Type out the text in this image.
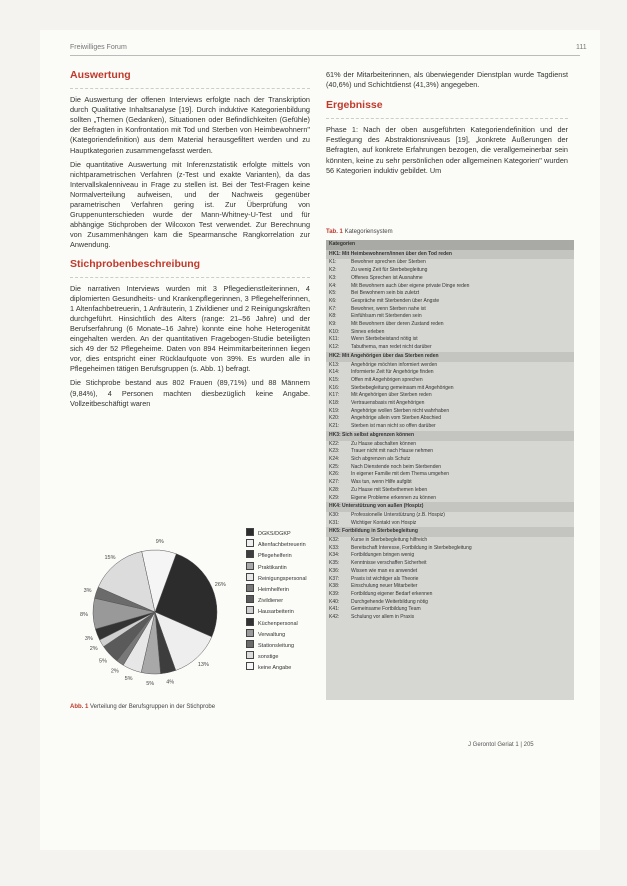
Freiwilliges Forum	111
Auswertung

Die Auswertung der offenen Interviews erfolgte nach der Transkription durch Qualitative Inhaltsanalyse [19]. Durch induktive Kategorienbildung sollten „Themen (Gedanken), Situationen oder Befindlichkeiten (Gefühle) der Befragten in Konfrontation mit Tod und Sterben von Heimbewohnern" (Kategoriendefinition) aus dem Material herausgefiltert werden und zu Hauptkategorien zusammengefasst werden.

Die quantitative Auswertung mit Inferenzstatistik erfolgte mittels von nichtparametrischen Verfahren (z-Test und exakte Varianten), da das Intervallskalenniveau in Frage zu stellen ist. Bei der Test-Fragen keine Normalverteilung aufweisen, und der Nachweis gegenüber parametrischen Verfahren gering ist. Zur Überprüfung von Gruppenunterschieden wurde der Mann-Whitney-U-Test und für abhängige Stichproben der Wilcoxon Test verwendet. Zur Berechnung von Zusammenhängen kam die Spearmansche Rangkorrelation zur Anwendung.

Stichprobenbeschreibung

Die narrativen Interviews wurden mit 3 Pflegedienstleiterinnen, 4 diplomierten Gesundheits- und Krankenpflegerinnen, 3 Pflegehelferinnen, 1 Altenfachbetreuerin, 1 Anfräuterin, 1 Zivildiener und 2 Reinigungskräften durchgeführt. Hinsichtlich des Alters (range: 21–56 Jahre) und der Berufserfahrung (6 Monate–16 Jahre) konnte eine hohe Heterogenität eingehalten werden. An der quantitativen Fragebogen-Studie beteiligten sich 49 der 52 Pflegeheime. Daten von 894 Heimmitarbeiterinnen liegen vor, dies entspricht einer Rücklaufquote von 39%. Es wurden alle in Pflegeheimen tätigen Berufsgruppen (s. Abb. 1) befragt.

Die Stichprobe bestand aus 802 Frauen (89,71%) und 88 Männern (9,84%), 4 Personen machten diesbezüglich keine Angabe. Vollzeitbeschäftigt waren

61% der Mitarbeiterinnen, als überwiegender Dienstplan wurde Tagdienst (40,6%) und Schichtdienst (41,3%) angegeben.

Ergebnisse

Phase 1: Nach der oben ausgeführten Kategoriendefinition und der Festlegung des Abstraktionsniveaus [19], „konkrete Äußerungen der Befragten, auf konkrete Erfahrungen bezogen, die verallgemeinerbar sein könnten, keine zu sehr persönlichen oder allgemeinen Kategorien" wurden 56 Kategorien induktiv gebildet. Um

Tab. 1 Kategoriensystem
Kategorien
HK1: Mit Heimbewohnern/innen über den Tod reden
K1:	Bewohner sprechen über Sterben
K2:	Zu wenig Zeit für Sterbebegleitung
K3:	Offenes Sprechen ist Ausnahme
K4:	Mit Bewohnern auch über eigene private Dinge reden
K5:	Bei Bewohnern sein bis zuletzt
K6:	Gespräche mit Sterbenden über Ängste
K7:	Bewohner, wenn Sterben nahe ist
K8:	Einfühlsam mit Sterbenden sein
K9:	Mit Bewohnern über deren Zustand reden
K10: Sinnes erleben
K11: Wenn Sterbebeistand nötig ist
K12: Tabuthema, man redet nicht darüber
HK2: Mit Angehörigen über das Sterben reden
K13: Angehörige möchten informiert werden
K14: Informierte Zeit für Angehörige finden
K15: Offen mit Angehörigen sprechen
K16: Sterbebegleitung gemeinsam mit Angehörigen
K17: Mit Angehörigen über Sterben reden
K18: Vertrauensbasis mit Angehörigen
K19: Angehörige wollen Sterben nicht wahrhaben
K20: Angehörige allein vom Sterben Abschied
K21: Sterben ist man nicht so offen darüber
HK3: Sich selbst abgrenzen können
K22: Zu Hause abschalten können
K23: Trauer nicht mit nach Hause nehmen
K24: Sich abgrenzen als Schutz
K25: Nach Dienstende noch beim Sterbenden
K26: In eigener Familie mit dem Thema umgehen
K27: Was tun, wenn Hilfe aufgibt
K28: Zu Hause mit Sterbethemen leben
K29: Eigene Probleme erkennen zu können
HK4: Unterstützung von außen (Hospiz)
K30: Professionelle Unterstützung (z.B. Hospiz)
K31: Wichtiger Kontakt von Hospiz
HK5: Fortbildung in Sterbebegleitung
K32: Kurse in Sterbebegleitung hilfreich
K33: Bereitschaft Interesse, Fortbildung in Sterbebegleitung
K34: Fortbildungen bringen wenig
K35: Kenntnisse verschaffen Sicherheit
K36: Wissen wie man es anwendet
K37: Praxis ist wichtiger als Theorie
K38: Einschulung neuer Mitarbeiter
K39: Fortbildung eigener Bedarf erkennen
K40: Durchgehende Weiterbildung nötig
K41: Gemeinsame Fortbildung Team
K42: Schulung vor allem in Praxis
26%
13%
4%
5%
5%
2%
5%
2%
3%
8%
3%
15%
9%
DGKS/DGKP
Altenfachbetreuerin
Pflegehelferin
Praktikantin
Reinigungspersonal
Heimhelferin
Zivildiener
Hausarbeiterin
Küchenpersonal
Verwaltung
Stationsleitung
sonstige
keine Angabe
Abb. 1 Verteilung der Berufsgruppen in der Stichprobe
J Gerontol Geriat 1 | 205
